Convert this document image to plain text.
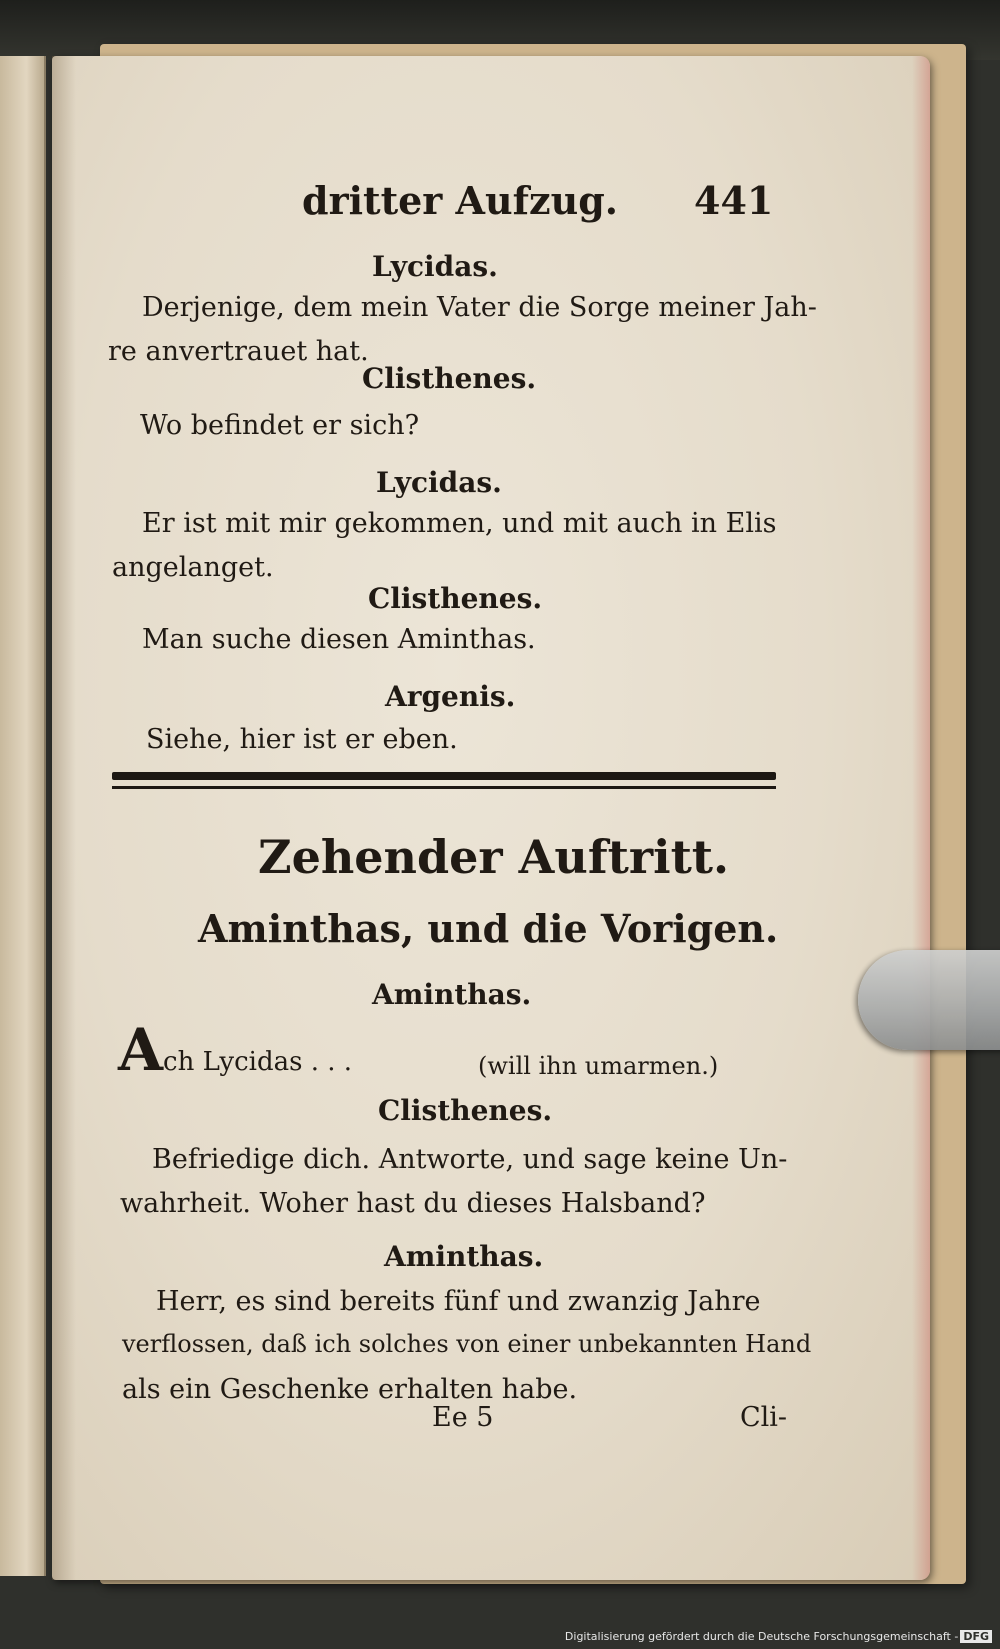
dritter Aufzug. 441
Lycidas.
Derjenige, dem mein Vater die Sorge meiner Jah-
re anvertrauet hat.
Clisthenes.
Wo befindet er sich?
Lycidas.
Er ist mit mir gekommen, und mit auch in Elis
angelanget.
Clisthenes.
Man suche diesen Aminthas.
Argenis.
Siehe, hier ist er eben.
Zehender Auftritt.
Aminthas, und die Vorigen.
Aminthas.
Ach Lycidas . . .	(will ihn umarmen.)
Clisthenes.
Befriedige dich. Antworte, und sage keine Un-
wahrheit. Woher hast du dieses Halsband?
Aminthas.
Herr, es sind bereits fünf und zwanzig Jahre
verflossen, daß ich solches von einer unbekannten Hand
als ein Geschenke erhalten habe.
Ee 5	Cli-
Digitalisierung gefördert durch die Deutsche Forschungsgemeinschaft - DFG
